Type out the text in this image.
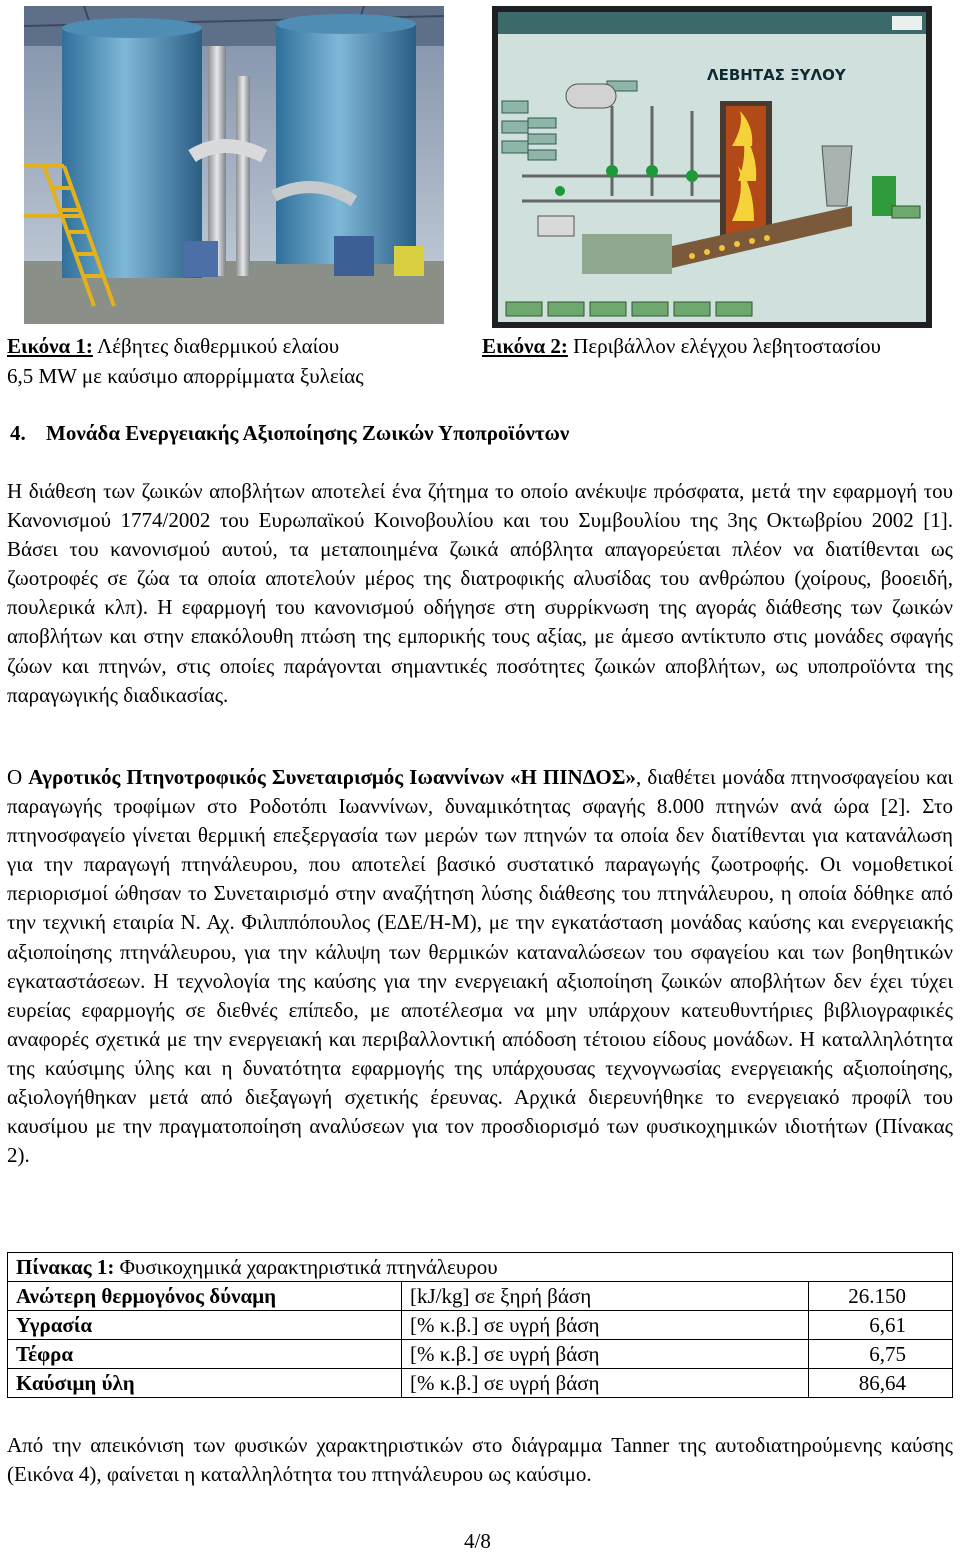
ΛΕΒΗΤΑΣ ΞΥΛΟΥ
Εικόνα 1: Λέβητες διαθερμικού ελαίου
6,5 MW με καύσιμο απορρίμματα ξυλείας
Εικόνα 2: Περιβάλλον ελέγχου λεβητοστασίου
4. Μονάδα Ενεργειακής Αξιοποίησης Ζωικών Υποπροϊόντων

Η διάθεση των ζωικών αποβλήτων αποτελεί ένα ζήτημα το οποίο ανέκυψε πρόσφατα, μετά την εφαρμογή του Κανονισμού 1774/2002 του Ευρωπαϊκού Κοινοβουλίου και του Συμβουλίου της 3ης Οκτωβρίου 2002 [1]. Βάσει του κανονισμού αυτού, τα μεταποιημένα ζωικά απόβλητα απαγορεύεται πλέον να διατίθενται ως ζωοτροφές σε ζώα τα οποία αποτελούν μέρος της διατροφικής αλυσίδας του ανθρώπου (χοίρους, βοοειδή, πουλερικά κλπ). Η εφαρμογή του κανονισμού οδήγησε στη συρρίκνωση της αγοράς διάθεσης των ζωικών αποβλήτων και στην επακόλουθη πτώση της εμπορικής τους αξίας, με άμεσο αντίκτυπο στις μονάδες σφαγής ζώων και πτηνών, στις οποίες παράγονται σημαντικές ποσότητες ζωικών αποβλήτων, ως υποπροϊόντα της παραγωγικής διαδικασίας.

Ο Αγροτικός Πτηνοτροφικός Συνεταιρισμός Ιωαννίνων «Η ΠΙΝΔΟΣ», διαθέτει μονάδα πτηνοσφαγείου και παραγωγής τροφίμων στο Ροδοτόπι Ιωαννίνων, δυναμικότητας σφαγής 8.000 πτηνών ανά ώρα [2]. Στο πτηνοσφαγείο γίνεται θερμική επεξεργασία των μερών των πτηνών τα οποία δεν διατίθενται για κατανάλωση για την παραγωγή πτηνάλευρου, που αποτελεί βασικό συστατικό παραγωγής ζωοτροφής. Οι νομοθετικοί περιορισμοί ώθησαν το Συνεταιρισμό στην αναζήτηση λύσης διάθεσης του πτηνάλευρου, η οποία δόθηκε από την τεχνική εταιρία Ν. Αχ. Φιλιππόπουλος (ΕΔΕ/Η-Μ), με την εγκατάσταση μονάδας καύσης και ενεργειακής αξιοποίησης πτηνάλευρου, για την κάλυψη των θερμικών καταναλώσεων του σφαγείου και των βοηθητικών εγκαταστάσεων. Η τεχνολογία της καύσης για την ενεργειακή αξιοποίηση ζωικών αποβλήτων δεν έχει τύχει ευρείας εφαρμογής σε διεθνές επίπεδο, με αποτέλεσμα να μην υπάρχουν κατευθυντήριες βιβλιογραφικές αναφορές σχετικά με την ενεργειακή και περιβαλλοντική απόδοση τέτοιου είδους μονάδων. Η καταλληλότητα της καύσιμης ύλης και η δυνατότητα εφαρμογής της υπάρχουσας τεχνογνωσίας ενεργειακής αξιοποίησης, αξιολογήθηκαν μετά από διεξαγωγή σχετικής έρευνας. Αρχικά διερευνήθηκε το ενεργειακό προφίλ του καυσίμου με την πραγματοποίηση αναλύσεων για τον προσδιορισμό των φυσικοχημικών ιδιοτήτων (Πίνακας 2).

Πίνακας 1: Φυσικοχημικά χαρακτηριστικά πτηνάλευρου		
Ανώτερη θερμογόνος δύναμη	[kJ/kg] σε ξηρή βάση	26.150
Υγρασία	[% κ.β.] σε υγρή βάση	6,61
Τέφρα	[% κ.β.] σε υγρή βάση	6,75
Καύσιμη ύλη	[% κ.β.] σε υγρή βάση	86,64

Από την απεικόνιση των φυσικών χαρακτηριστικών στο διάγραμμα Tanner της αυτοδιατηρούμενης καύσης (Εικόνα 4), φαίνεται η καταλληλότητα του πτηνάλευρου ως καύσιμο.

4/8
